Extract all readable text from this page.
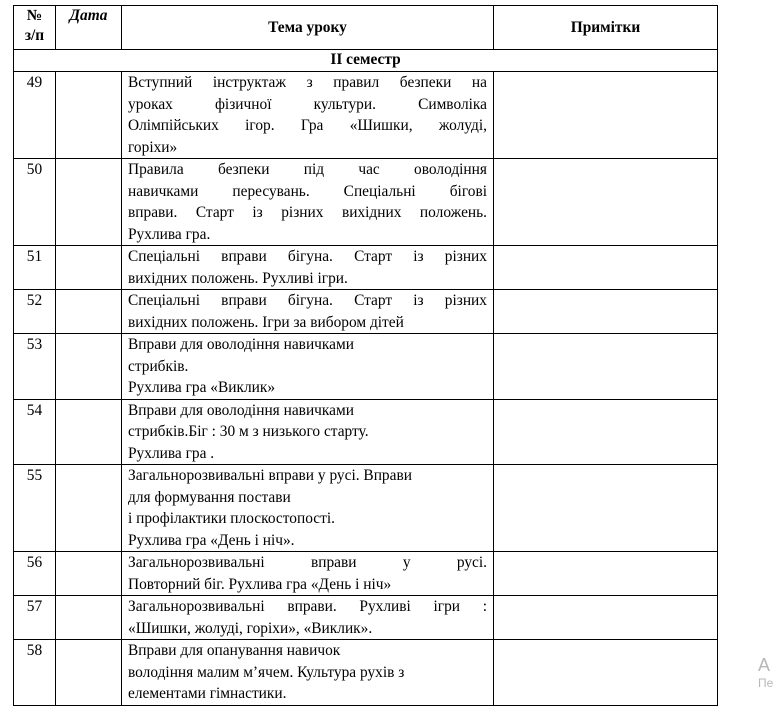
№
з/п	Дата	Тема уроку	Примітки
ІІ семестр			
49		Вступний інструктаж з правил безпеки на
уроках фізичної культури. Символіка
Олімпійських ігор. Гра «Шишки, жолуді,
горіхи»	

50		Правила безпеки під час оволодіння
навичками пересувань. Спеціальні бігові
вправи. Старт із різних вихідних положень.
Рухлива гра.	

51		Спеціальні вправи бігуна. Старт із різних
вихідних положень. Рухливі ігри.	

52		Спеціальні вправи бігуна. Старт із різних
вихідних положень. Ігри за вибором дітей	

53		Вправи для оволодіння навичками
стрибків.
Рухлива гра «Виклик»	

54		Вправи для оволодіння навичками
стрибків.Біг : 30 м з низького старту.
Рухлива гра .	

55		Загальнорозвивальні вправи у русі. Вправи
для формування постави
і профілактики плоскостопості.
Рухлива гра «День і ніч».	

56		Загальнорозвивальні вправи у русі.
Повторний біг. Рухлива гра «День і ніч»	

57		Загальнорозвивальні вправи. Рухливі ігри :
«Шишки, жолуді, горіхи», «Виклик».	

58		Вправи для опанування навичок
володіння малим м’ячем. Культура рухів з
елементами гімнастики.	

А
Пе
